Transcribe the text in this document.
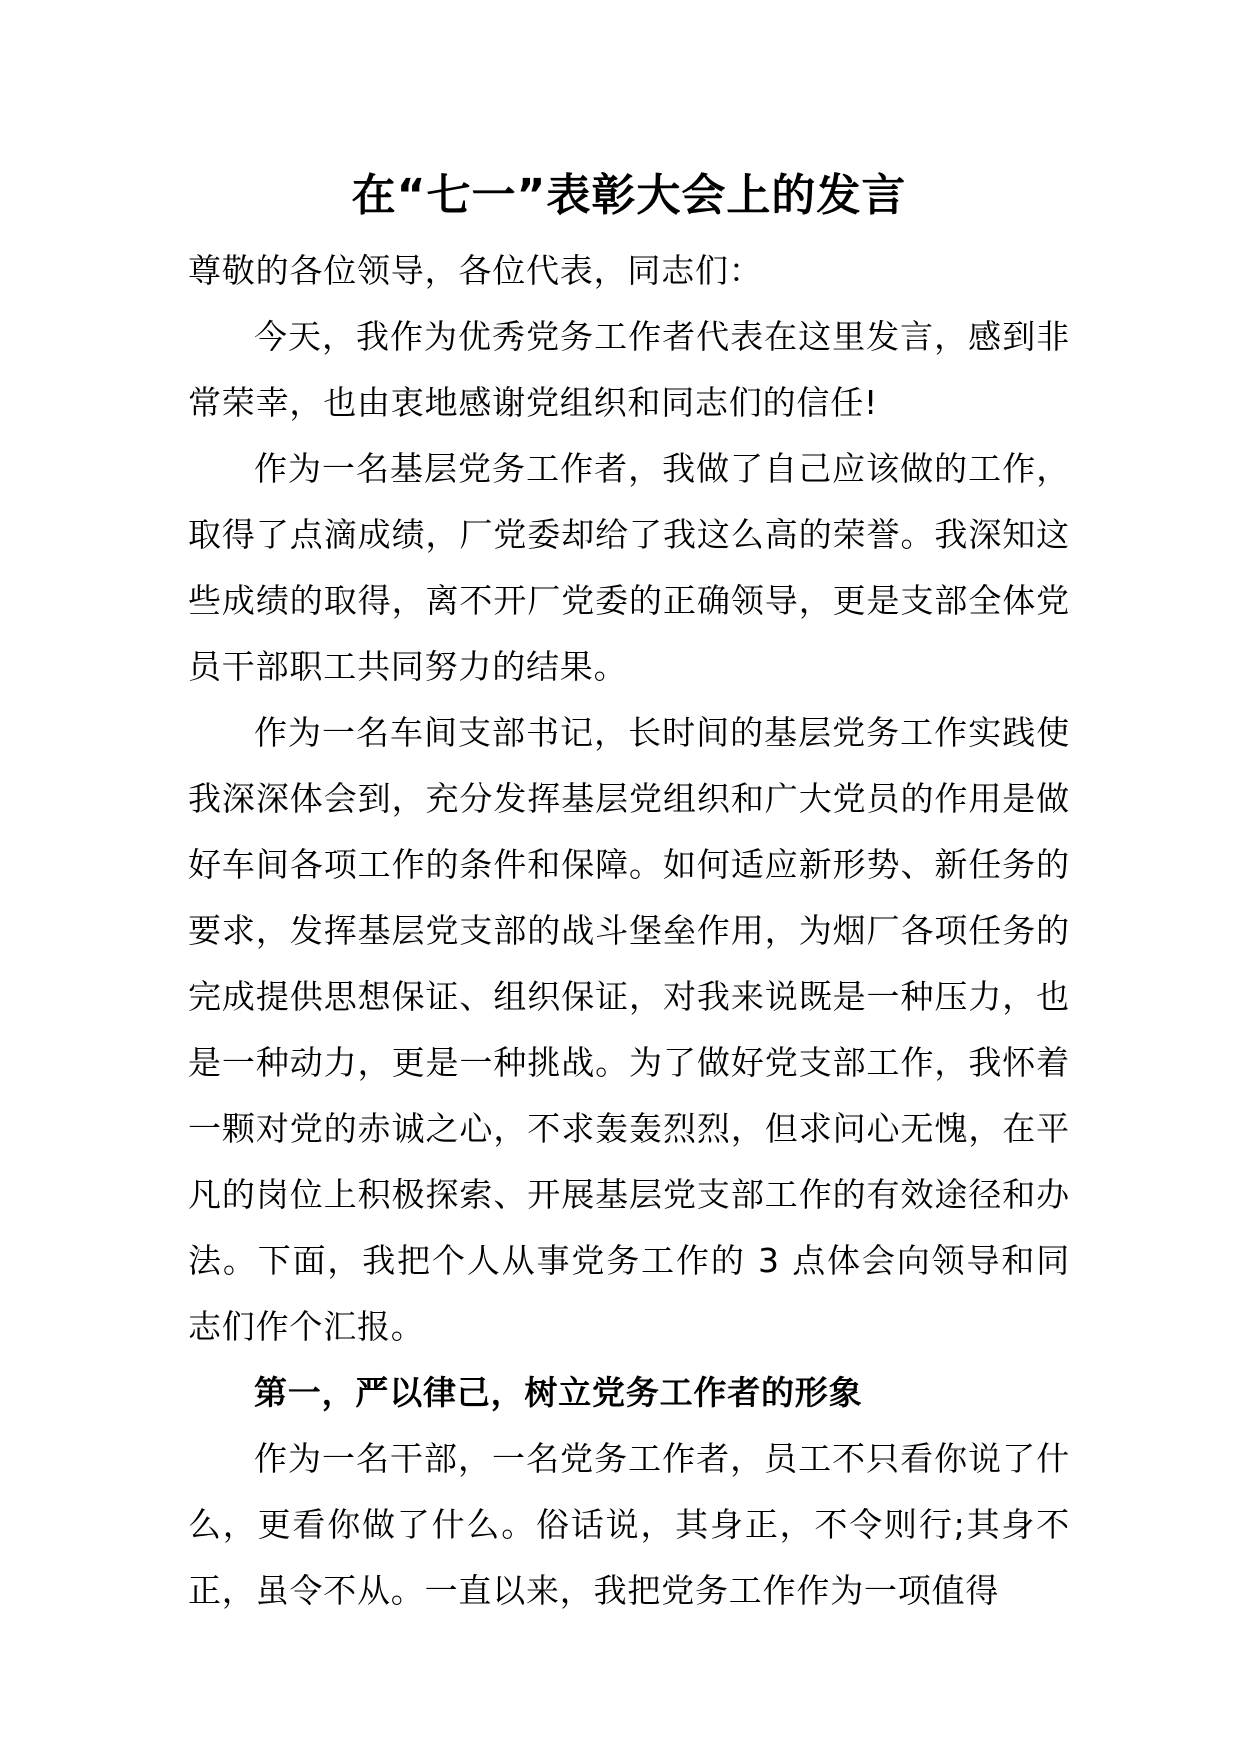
在“七一”表彰大会上的发言

尊敬的各位领导，各位代表，同志们：

今天，我作为优秀党务工作者代表在这里发言，感到非常荣幸，也由衷地感谢党组织和同志们的信任!

作为一名基层党务工作者，我做了自己应该做的工作，取得了点滴成绩，厂党委却给了我这么高的荣誉。我深知这些成绩的取得，离不开厂党委的正确领导，更是支部全体党员干部职工共同努力的结果。

作为一名车间支部书记，长时间的基层党务工作实践使我深深体会到，充分发挥基层党组织和广大党员的作用是做好车间各项工作的条件和保障。如何适应新形势、新任务的要求，发挥基层党支部的战斗堡垒作用，为烟厂各项任务的完成提供思想保证、组织保证，对我来说既是一种压力，也是一种动力，更是一种挑战。为了做好党支部工作，我怀着一颗对党的赤诚之心，不求轰轰烈烈，但求问心无愧，在平凡的岗位上积极探索、开展基层党支部工作的有效途径和办法。下面，我把个人从事党务工作的 3 点体会向领导和同志们作个汇报。

第一，严以律己，树立党务工作者的形象

作为一名干部，一名党务工作者，员工不只看你说了什么，更看你做了什么。俗话说，其身正，不令则行;其身不正，虽令不从。一直以来，我把党务工作作为一项值得
